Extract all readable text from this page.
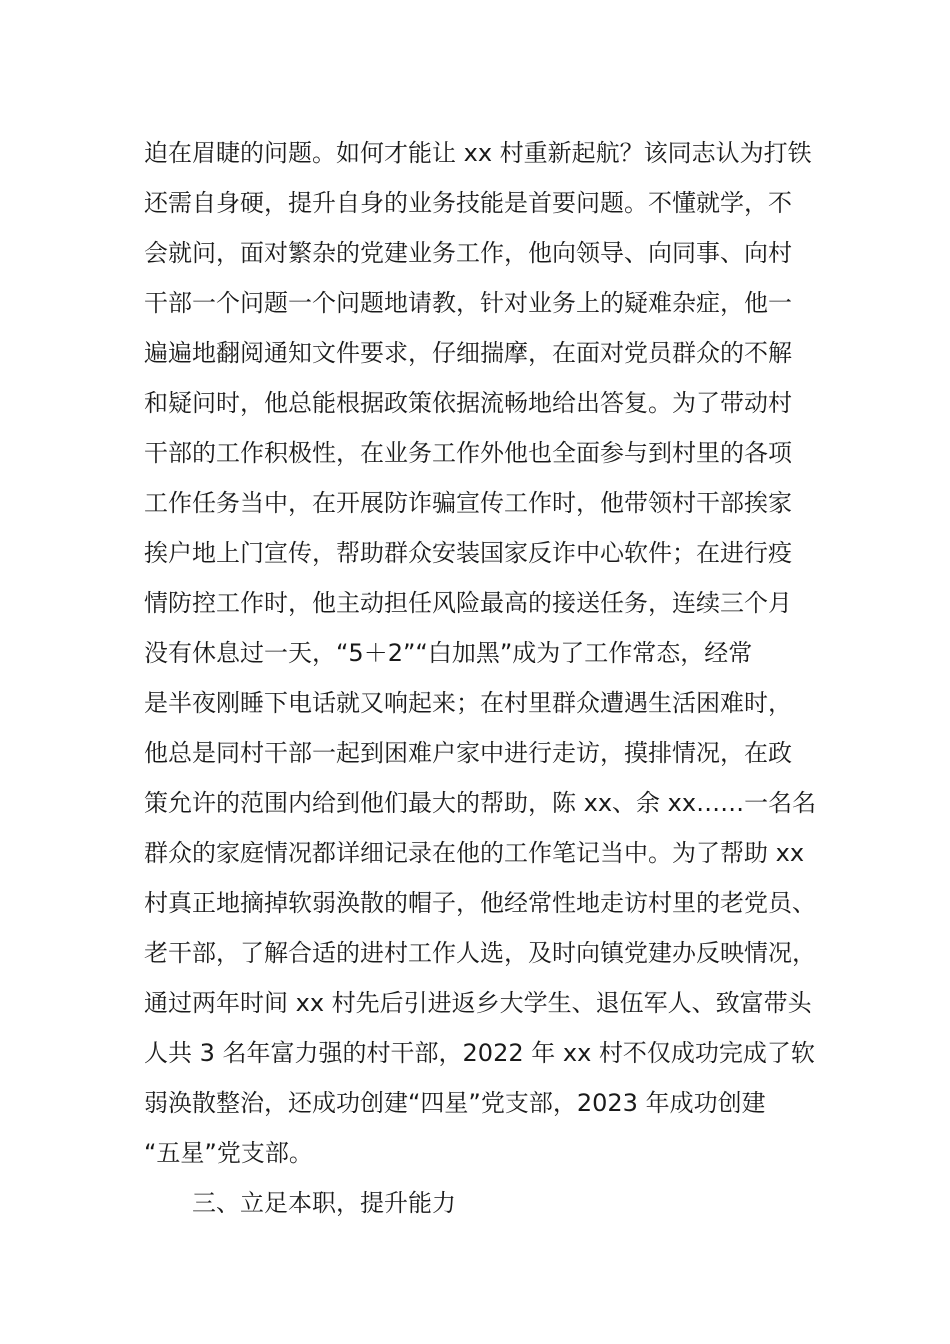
迫在眉睫的问题。如何才能让 xx 村重新起航？该同志认为打铁
还需自身硬，提升自身的业务技能是首要问题。不懂就学，不
会就问，面对繁杂的党建业务工作，他向领导、向同事、向村
干部一个问题一个问题地请教，针对业务上的疑难杂症，他一
遍遍地翻阅通知文件要求，仔细揣摩，在面对党员群众的不解
和疑问时，他总能根据政策依据流畅地给出答复。为了带动村
干部的工作积极性，在业务工作外他也全面参与到村里的各项
工作任务当中，在开展防诈骗宣传工作时，他带领村干部挨家
挨户地上门宣传，帮助群众安装国家反诈中心软件；在进行疫
情防控工作时，他主动担任风险最高的接送任务，连续三个月
没有休息过一天，“5＋2”“白加黑”成为了工作常态，经常
是半夜刚睡下电话就又响起来；在村里群众遭遇生活困难时，
他总是同村干部一起到困难户家中进行走访，摸排情况，在政
策允许的范围内给到他们最大的帮助，陈 xx、余 xx……一名名
群众的家庭情况都详细记录在他的工作笔记当中。为了帮助 xx
村真正地摘掉软弱涣散的帽子，他经常性地走访村里的老党员、
老干部，了解合适的进村工作人选，及时向镇党建办反映情况，
通过两年时间 xx 村先后引进返乡大学生、退伍军人、致富带头
人共 3 名年富力强的村干部，2022 年 xx 村不仅成功完成了软
弱涣散整治，还成功创建“四星”党支部，2023 年成功创建
“五星”党支部。
三、立足本职，提升能力
